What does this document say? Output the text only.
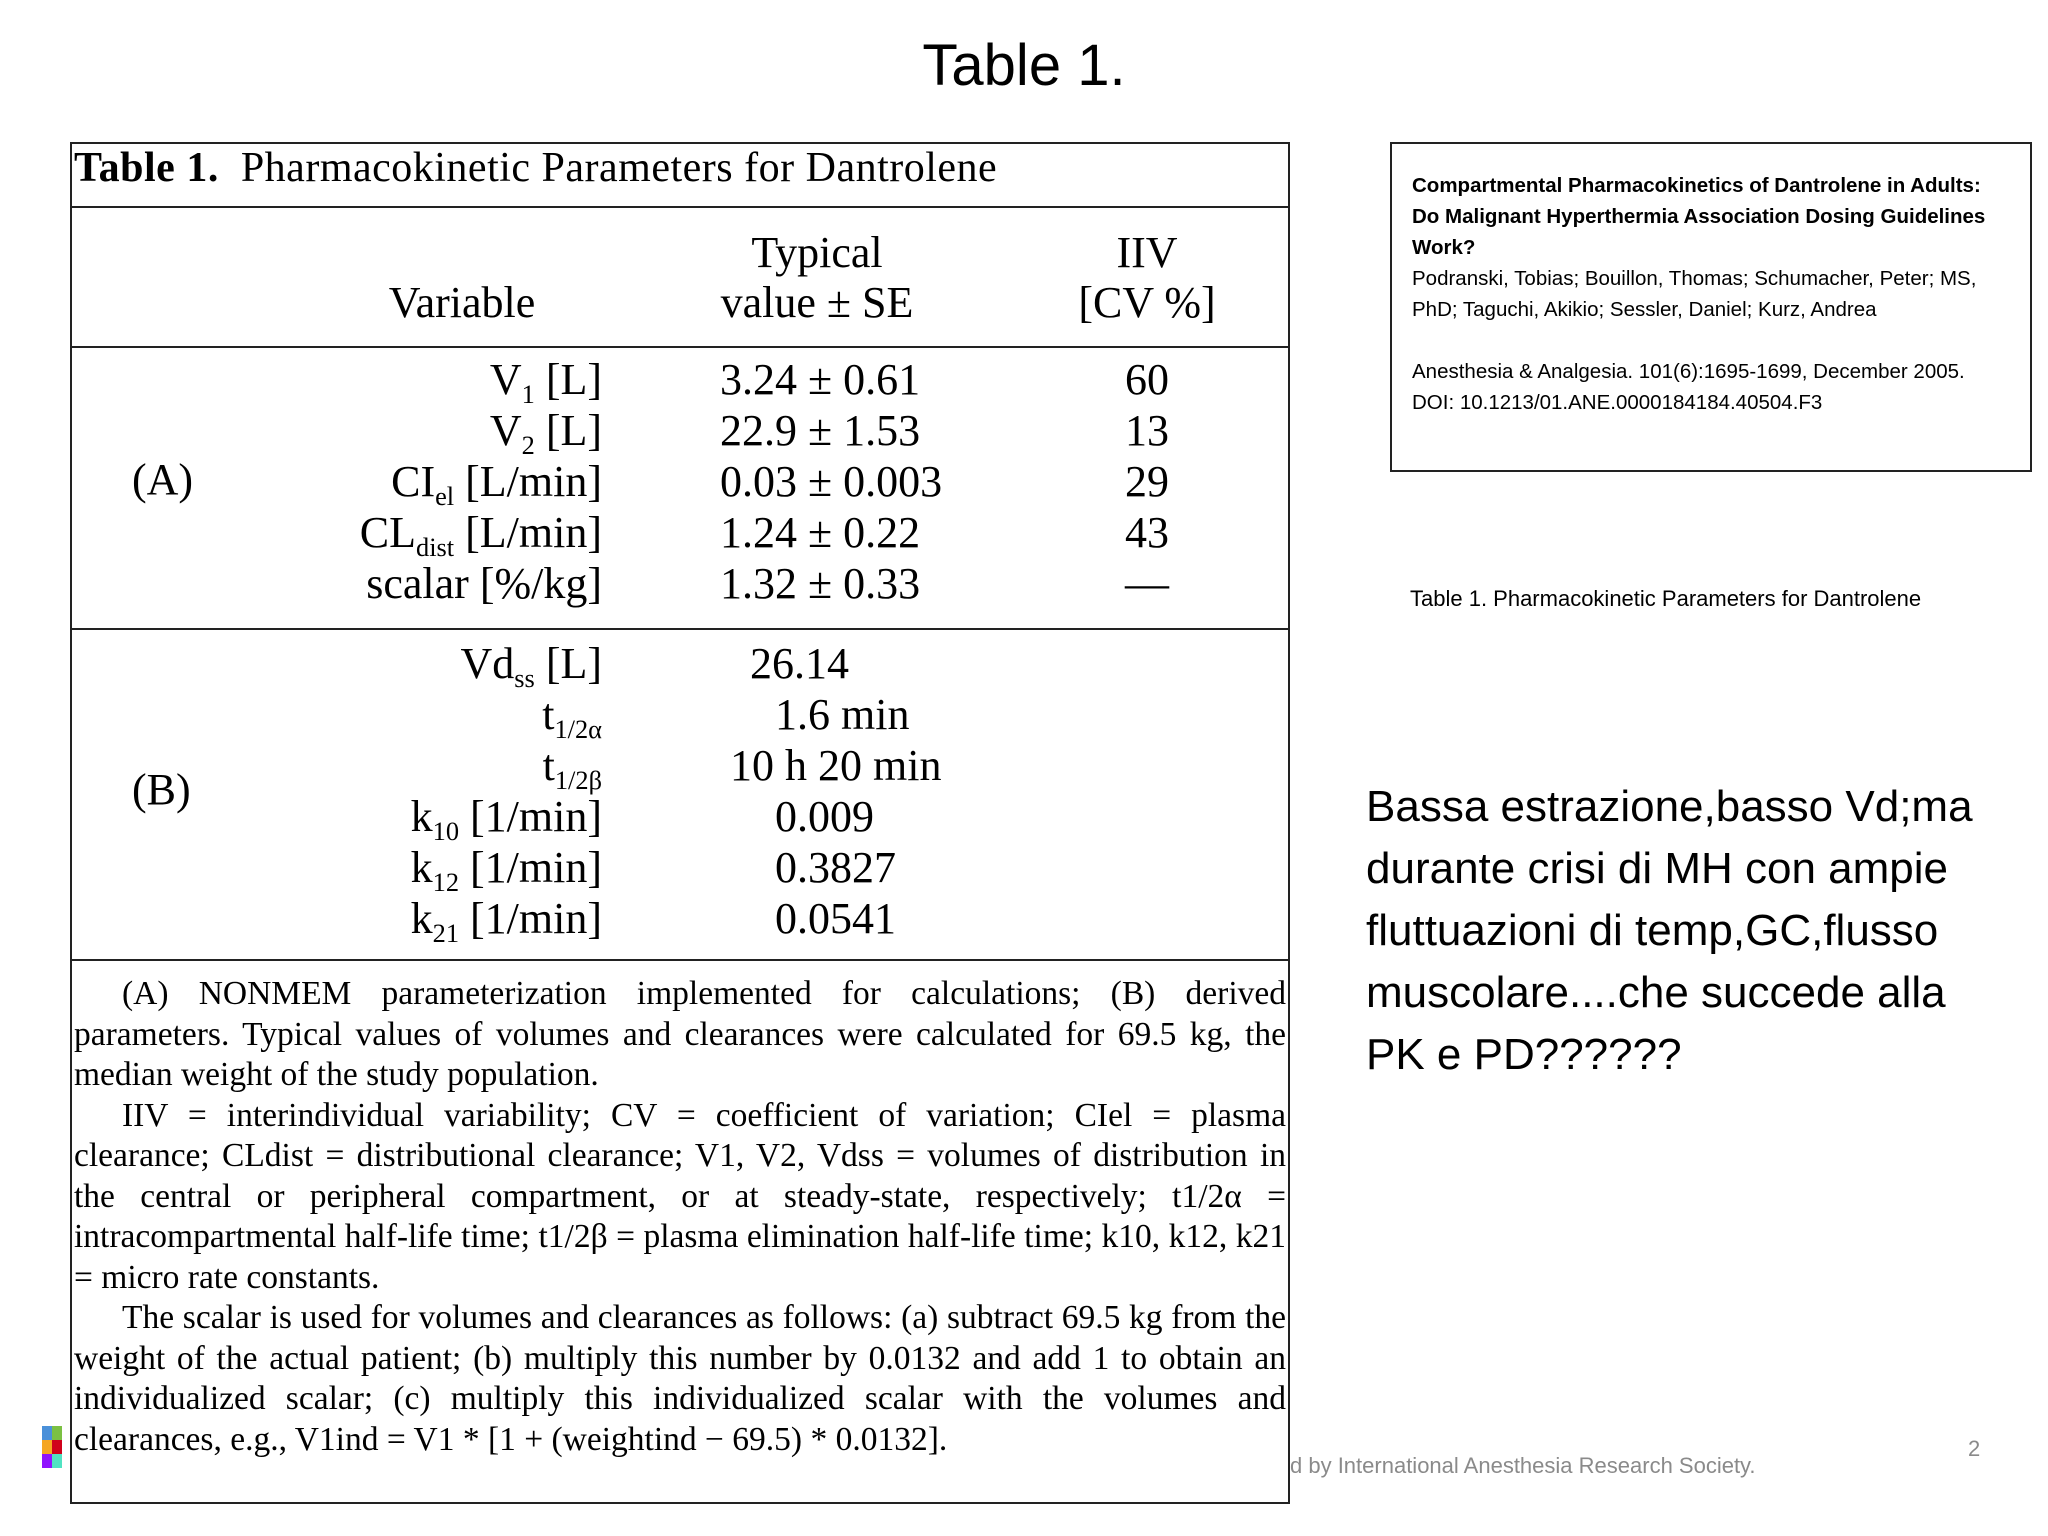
Table 1.
Table 1. Pharmacokinetic Parameters for Dantrolene

Variable
Typical
value ± SE
IIV
[CV %]
(A)
$V_1$ [L]
$V_2$ [L]
$CI_{el}$ [L/min]
$CL_{dist}$ [L/min]
scalar [%/kg]
3.24 ± 0.61
22.9 ± 1.53
0.03 ± 0.003
1.24 ± 0.22
1.32 ± 0.33
60
13
29
43
—
(B)
$Vd_{ss}$ [L]
$t_{1/2\alpha}$
$t_{1/2\beta}$
$k_{10}$ [1/min]
$k_{12}$ [1/min]
$k_{21}$ [1/min]
26.14
1.6 min
10 h 20 min
0.009
0.3827
0.0541

(A) NONMEM parameterization implemented for calculations; (B) derived parameters. Typical values of volumes and clearances were calculated for 69.5 kg, the median weight of the study population.

IIV = interindividual variability; CV = coefficient of variation; CIel = plasma clearance; CLdist = distributional clearance; V1, V2, Vdss = volumes of distribution in the central or peripheral compartment, or at steady-state, respectively; t1/2α = intracompartmental half-life time; t1/2β = plasma elimination half-life time; k10, k12, k21 = micro rate constants.

The scalar is used for volumes and clearances as follows: (a) subtract 69.5 kg from the weight of the actual patient; (b) multiply this number by 0.0132 and add 1 to obtain an individualized scalar; (c) multiply this individualized scalar with the volumes and clearances, e.g., V1ind = V1 * [1 + (weightind − 69.5) * 0.0132].

Compartmental Pharmacokinetics of Dantrolene in Adults: Do Malignant Hyperthermia Association Dosing Guidelines Work?
Podranski, Tobias; Bouillon, Thomas; Schumacher, Peter; MS, PhD; Taguchi, Akikio; Sessler, Daniel; Kurz, Andrea
Anesthesia & Analgesia. 101(6):1695-1699, December 2005.
DOI: 10.1213/01.ANE.0000184184.40504.F3
Table 1. Pharmacokinetic Parameters for Dantrolene
Bassa estrazione,basso Vd;ma durante crisi di MH con ampie fluttuazioni di temp,GC,flusso muscolare....che succede alla PK e PD??????
d by International Anesthesia Research Society.
2
